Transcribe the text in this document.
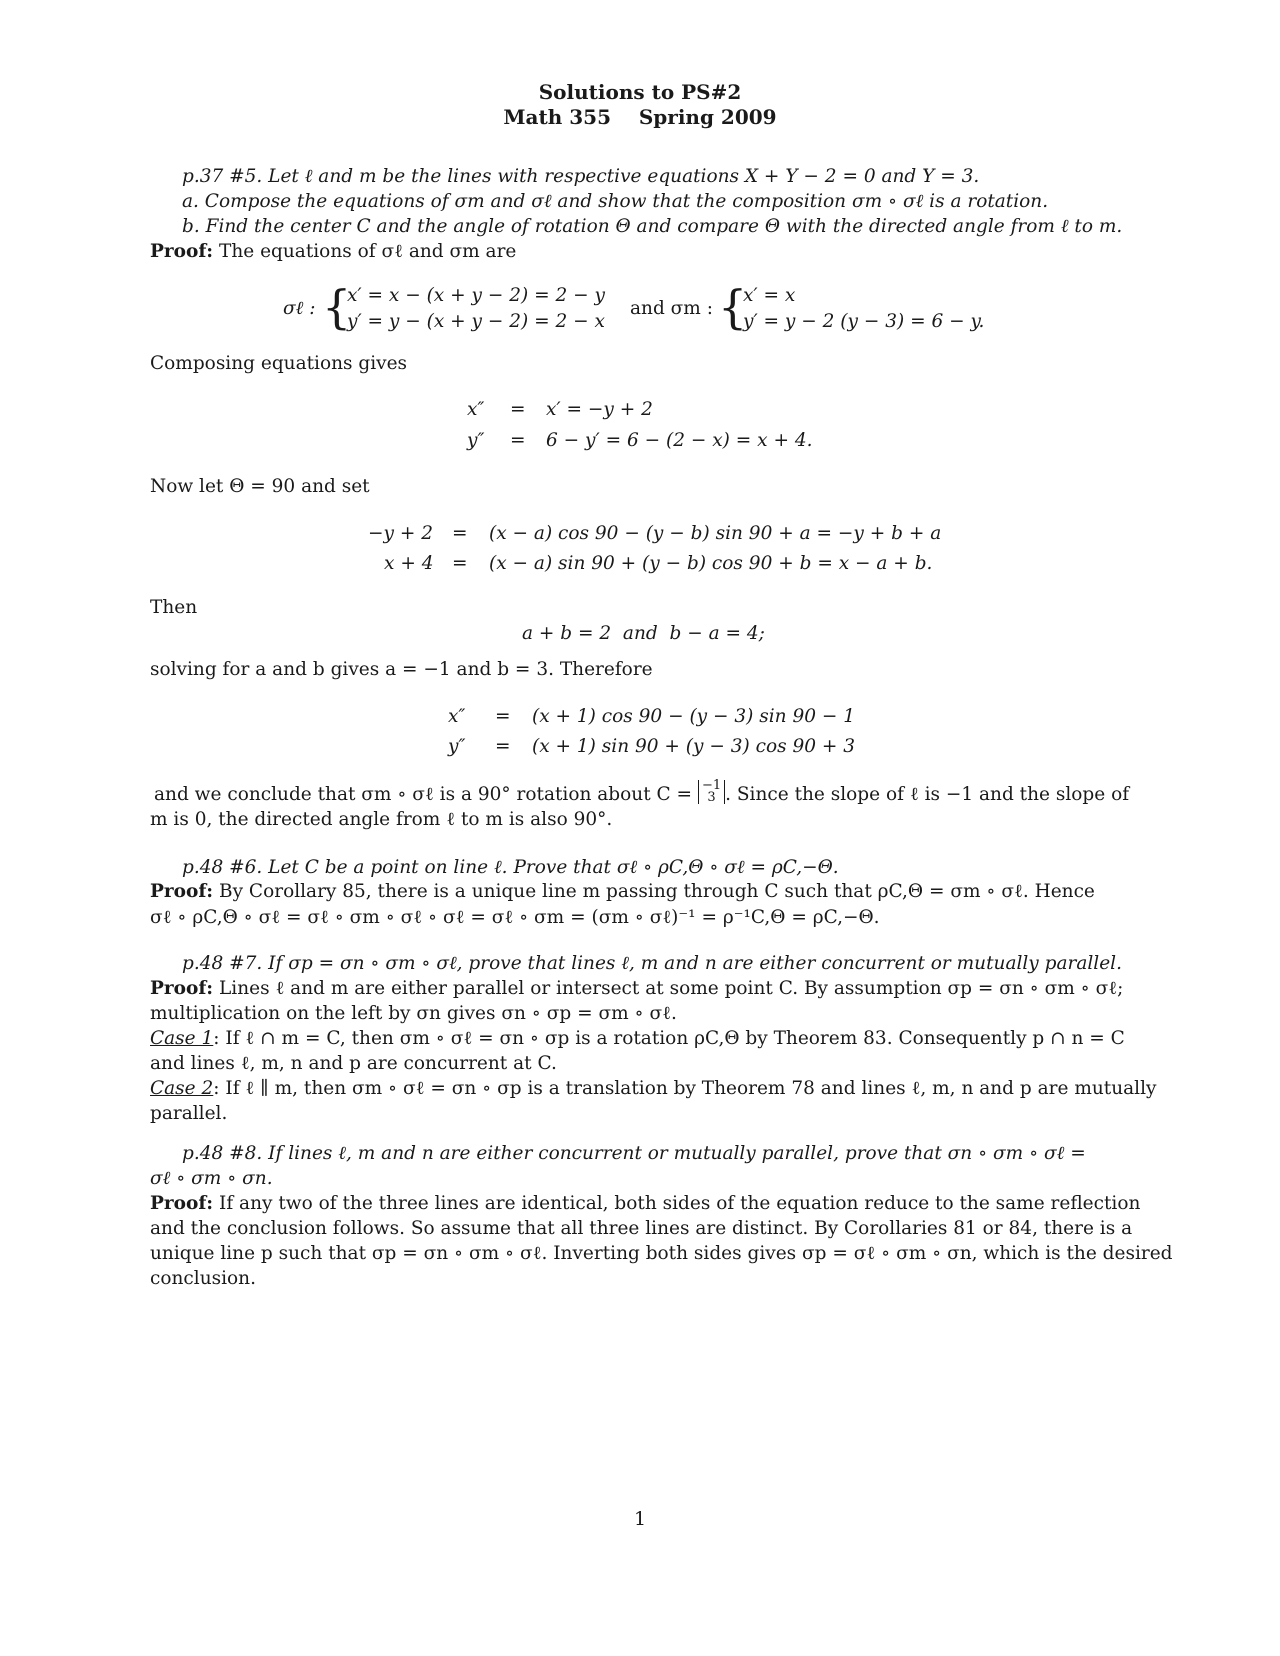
Solutions to PS#2
Math 355    Spring 2009
p.37 #5. Let ℓ and m be the lines with respective equations X + Y − 2 = 0 and Y = 3.
a. Compose the equations of σm and σℓ and show that the composition σm ∘ σℓ is a rotation.
b. Find the center C and the angle of rotation Θ and compare Θ with the directed angle from ℓ to m.
Proof: The equations of σℓ and σm are
σℓ : {
x′ = x − (x + y − 2) = 2 − y
y′ = y − (x + y − 2) = 2 − x
and σm : {
x′ = x
y′ = y − 2 (y − 3) = 6 − y.
Composing equations gives
x″ = x′ = −y + 2
y″ = 6 − y′ = 6 − (2 − x) = x + 4.
Now let Θ = 90 and set
−y + 2 = (x − a) cos 90 − (y − b) sin 90 + a = −y + b + a
x + 4 = (x − a) sin 90 + (y − b) cos 90 + b = x − a + b.
Then
a + b = 2  and  b − a = 4;
solving for a and b gives a = −1 and b = 3. Therefore
x″ = (x + 1) cos 90 − (y − 3) sin 90 − 1
y″ = (x + 1) sin 90 + (y − 3) cos 90 + 3
and we conclude that σm ∘ σℓ is a 90° rotation about C = −1
3 . Since the slope of ℓ is −1 and the slope of
m is 0, the directed angle from ℓ to m is also 90°.
p.48 #6. Let C be a point on line ℓ. Prove that σℓ ∘ ρC,Θ ∘ σℓ = ρC,−Θ.
Proof: By Corollary 85, there is a unique line m passing through C such that ρC,Θ = σm ∘ σℓ. Hence
σℓ ∘ ρC,Θ ∘ σℓ = σℓ ∘ σm ∘ σℓ ∘ σℓ = σℓ ∘ σm = (σm ∘ σℓ)⁻¹ = ρ⁻¹C,Θ = ρC,−Θ.
p.48 #7. If σp = σn ∘ σm ∘ σℓ, prove that lines ℓ, m and n are either concurrent or mutually parallel.
Proof: Lines ℓ and m are either parallel or intersect at some point C. By assumption σp = σn ∘ σm ∘ σℓ;
multiplication on the left by σn gives σn ∘ σp = σm ∘ σℓ.
Case 1: If ℓ ∩ m = C, then σm ∘ σℓ = σn ∘ σp is a rotation ρC,Θ by Theorem 83. Consequently p ∩ n = C
and lines ℓ, m, n and p are concurrent at C.
Case 2: If ℓ ∥ m, then σm ∘ σℓ = σn ∘ σp is a translation by Theorem 78 and lines ℓ, m, n and p are mutually
parallel.
p.48 #8. If lines ℓ, m and n are either concurrent or mutually parallel, prove that σn ∘ σm ∘ σℓ =
σℓ ∘ σm ∘ σn.
Proof: If any two of the three lines are identical, both sides of the equation reduce to the same reflection
and the conclusion follows. So assume that all three lines are distinct. By Corollaries 81 or 84, there is a
unique line p such that σp = σn ∘ σm ∘ σℓ. Inverting both sides gives σp = σℓ ∘ σm ∘ σn, which is the desired
conclusion.
1
